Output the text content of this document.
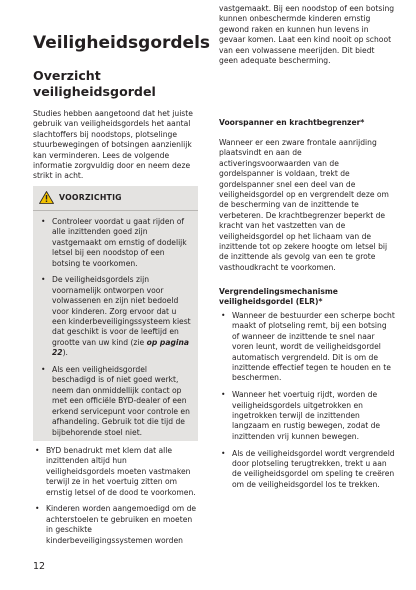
Veiligheidsgordels
Overzicht veiligheidsgordel

Studies hebben aangetoond dat het juiste gebruik van veiligheidsgordels het aantal slachtoffers bij noodstops, plotselinge stuurbewegingen of botsingen aanzienlijk kan verminderen. Lees de volgende informatie zorgvuldig door en neem deze strikt in acht.

VOORZICHTIG
• Controleer voordat u gaat rijden of alle inzittenden goed zijn vastgemaakt om ernstig of dodelijk letsel bij een noodstop of een botsing te voorkomen.
• De veiligheidsgordels zijn voornamelijk ontworpen voor volwassenen en zijn niet bedoeld voor kinderen. Zorg ervoor dat u een kinderbeveiligingssysteem kiest dat geschikt is voor de leeftijd en grootte van uw kind (zie op pagina 22).
• Als een veiligheidsgordel beschadigd is of niet goed werkt, neem dan onmiddellijk contact op met een officiële BYD-dealer of een erkend servicepunt voor controle en afhandeling. Gebruik tot die tijd de bijbehorende stoel niet.
• BYD benadrukt met klem dat alle inzittenden altijd hun veiligheidsgordels moeten vastmaken terwijl ze in het voertuig zitten om ernstig letsel of de dood te voorkomen.
• Kinderen worden aangemoedigd om de achterstoelen te gebruiken en moeten in geschikte kinderbeveiligingssystemen worden
12

vastgemaakt. Bij een noodstop of een botsing kunnen onbeschermde kinderen ernstig gewond raken en kunnen hun levens in gevaar komen. Laat een kind nooit op schoot van een volwassene meerijden. Dit biedt geen adequate bescherming.

Voorspanner en krachtbegrenzer*

Wanneer er een zware frontale aanrijding plaatsvindt en aan de activeringsvoorwaarden van de gordelspanner is voldaan, trekt de gordelspanner snel een deel van de veiligheidsgordel op en vergrendelt deze om de bescherming van de inzittende te verbeteren. De krachtbegrenzer beperkt de kracht van het vastzetten van de veiligheidsgordel op het lichaam van de inzittende tot op zekere hoogte om letsel bij de inzittende als gevolg van een te grote vasthoudkracht te voorkomen.

Vergrendelingsmechanisme veiligheidsgordel (ELR)*

• Wanneer de bestuurder een scherpe bocht maakt of plotseling remt, bij een botsing of wanneer de inzittende te snel naar voren leunt, wordt de veiligheidsgordel automatisch vergrendeld. Dit is om de inzittende effectief tegen te houden en te beschermen.
• Wanneer het voertuig rijdt, worden de veiligheidsgordels uitgetrokken en ingetrokken terwijl de inzittenden langzaam en rustig bewegen, zodat de inzittenden vrij kunnen bewegen.
• Als de veiligheidsgordel wordt vergrendeld door plotseling terugtrekken, trekt u aan de veiligheidsgordel om speling te creëren om de veiligheidsgordel los te trekken.
